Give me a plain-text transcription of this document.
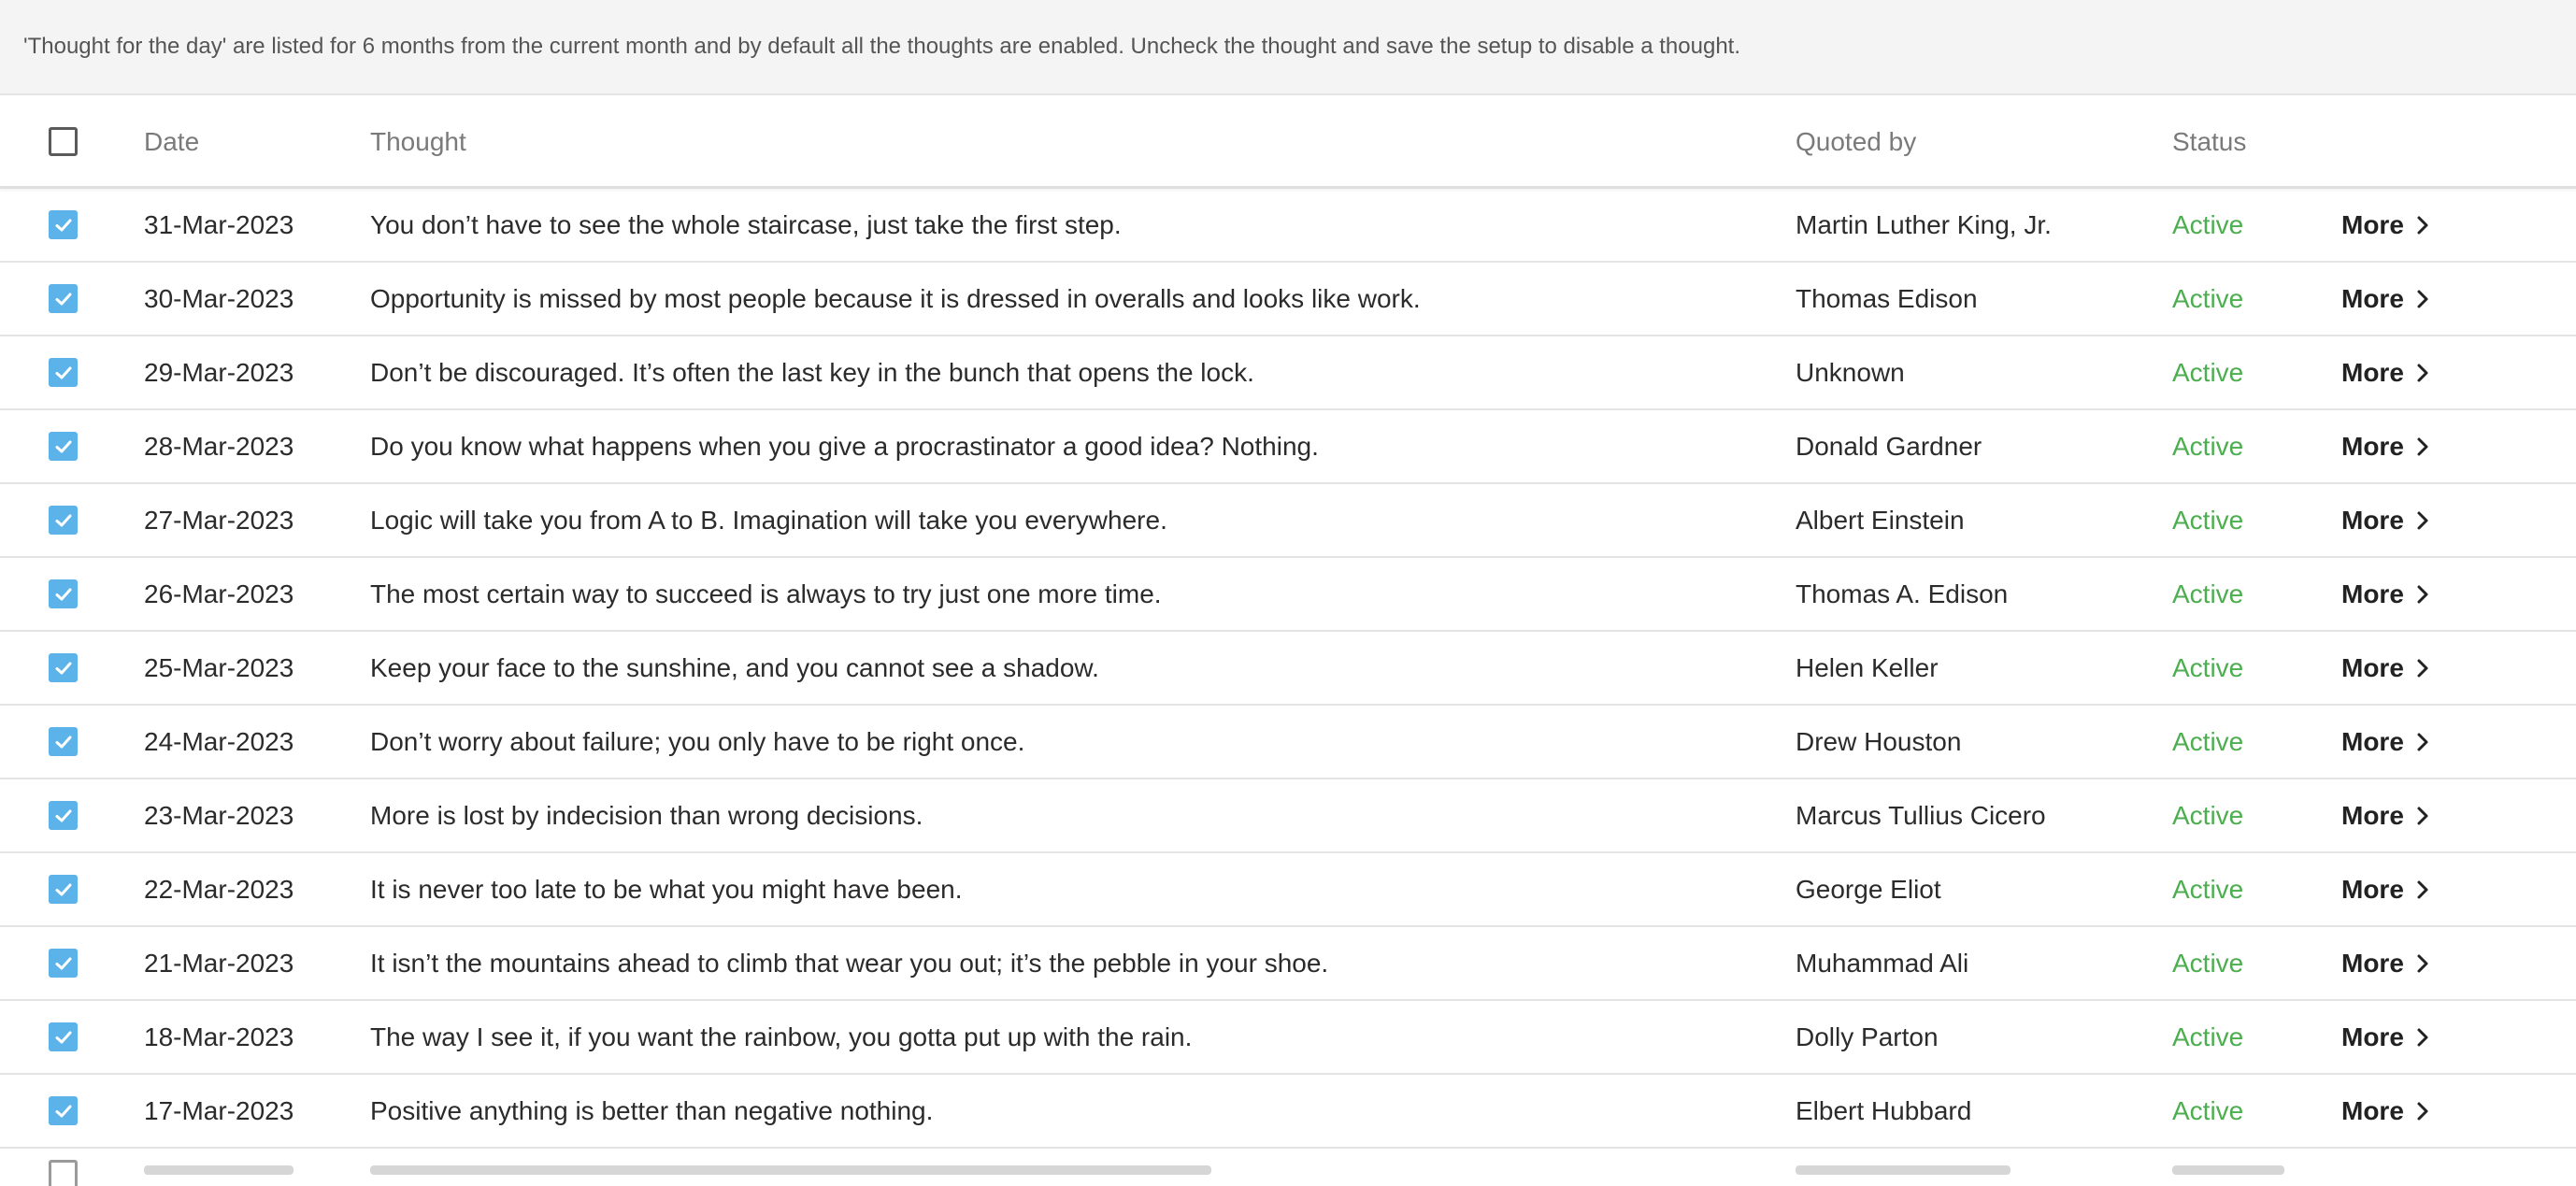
'Thought for the day' are listed for 6 months from the current month and by default all the thoughts are enabled. Uncheck the thought and save the setup to disable a thought.
Date	Thought	Quoted by	Status
31-Mar-2023	You don’t have to see the whole staircase, just take the first step.	Martin Luther King, Jr.	Active	More
30-Mar-2023	Opportunity is missed by most people because it is dressed in overalls and looks like work.	Thomas Edison	Active	More
29-Mar-2023	Don’t be discouraged. It’s often the last key in the bunch that opens the lock.	Unknown	Active	More
28-Mar-2023	Do you know what happens when you give a procrastinator a good idea? Nothing.	Donald Gardner	Active	More
27-Mar-2023	Logic will take you from A to B. Imagination will take you everywhere.	Albert Einstein	Active	More
26-Mar-2023	The most certain way to succeed is always to try just one more time.	Thomas A. Edison	Active	More
25-Mar-2023	Keep your face to the sunshine, and you cannot see a shadow.	Helen Keller	Active	More
24-Mar-2023	Don’t worry about failure; you only have to be right once.	Drew Houston	Active	More
23-Mar-2023	More is lost by indecision than wrong decisions.	Marcus Tullius Cicero	Active	More
22-Mar-2023	It is never too late to be what you might have been.	George Eliot	Active	More
21-Mar-2023	It isn’t the mountains ahead to climb that wear you out; it’s the pebble in your shoe.	Muhammad Ali	Active	More
18-Mar-2023	The way I see it, if you want the rainbow, you gotta put up with the rain.	Dolly Parton	Active	More
17-Mar-2023	Positive anything is better than negative nothing.	Elbert Hubbard	Active	More
